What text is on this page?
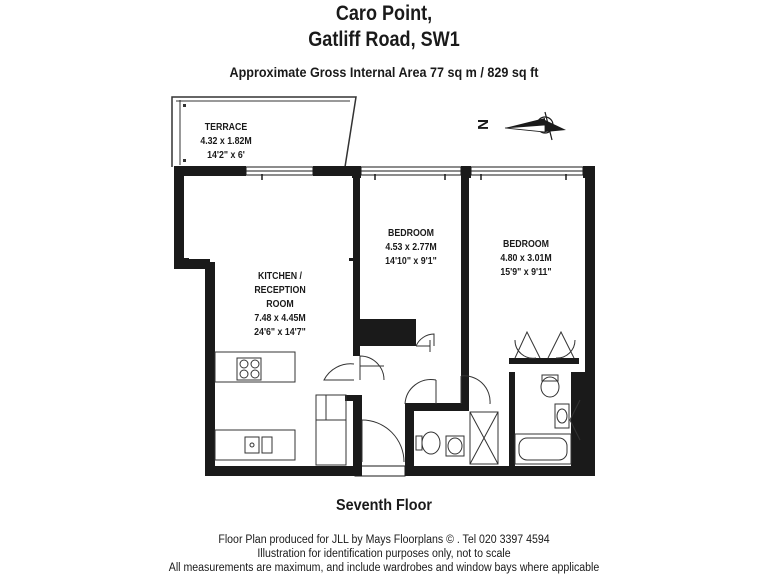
Caro Point,
Gatliff Road, SW1
Approximate Gross Internal Area 77 sq m / 829 sq ft
N
TERRACE
4.32 x 1.82M
14'2" x 6'
KITCHEN /
RECEPTION
ROOM
7.48 x 4.45M
24'6" x 14'7"
BEDROOM
4.53 x 2.77M
14'10" x 9'1"
BEDROOM
4.80 x 3.01M
15'9" x 9'11"
Seventh Floor
Floor Plan produced for JLL by Mays Floorplans © . Tel 020 3397 4594
Illustration for identification purposes only, not to scale
All measurements are maximum, and include wardrobes and window bays where applicable
